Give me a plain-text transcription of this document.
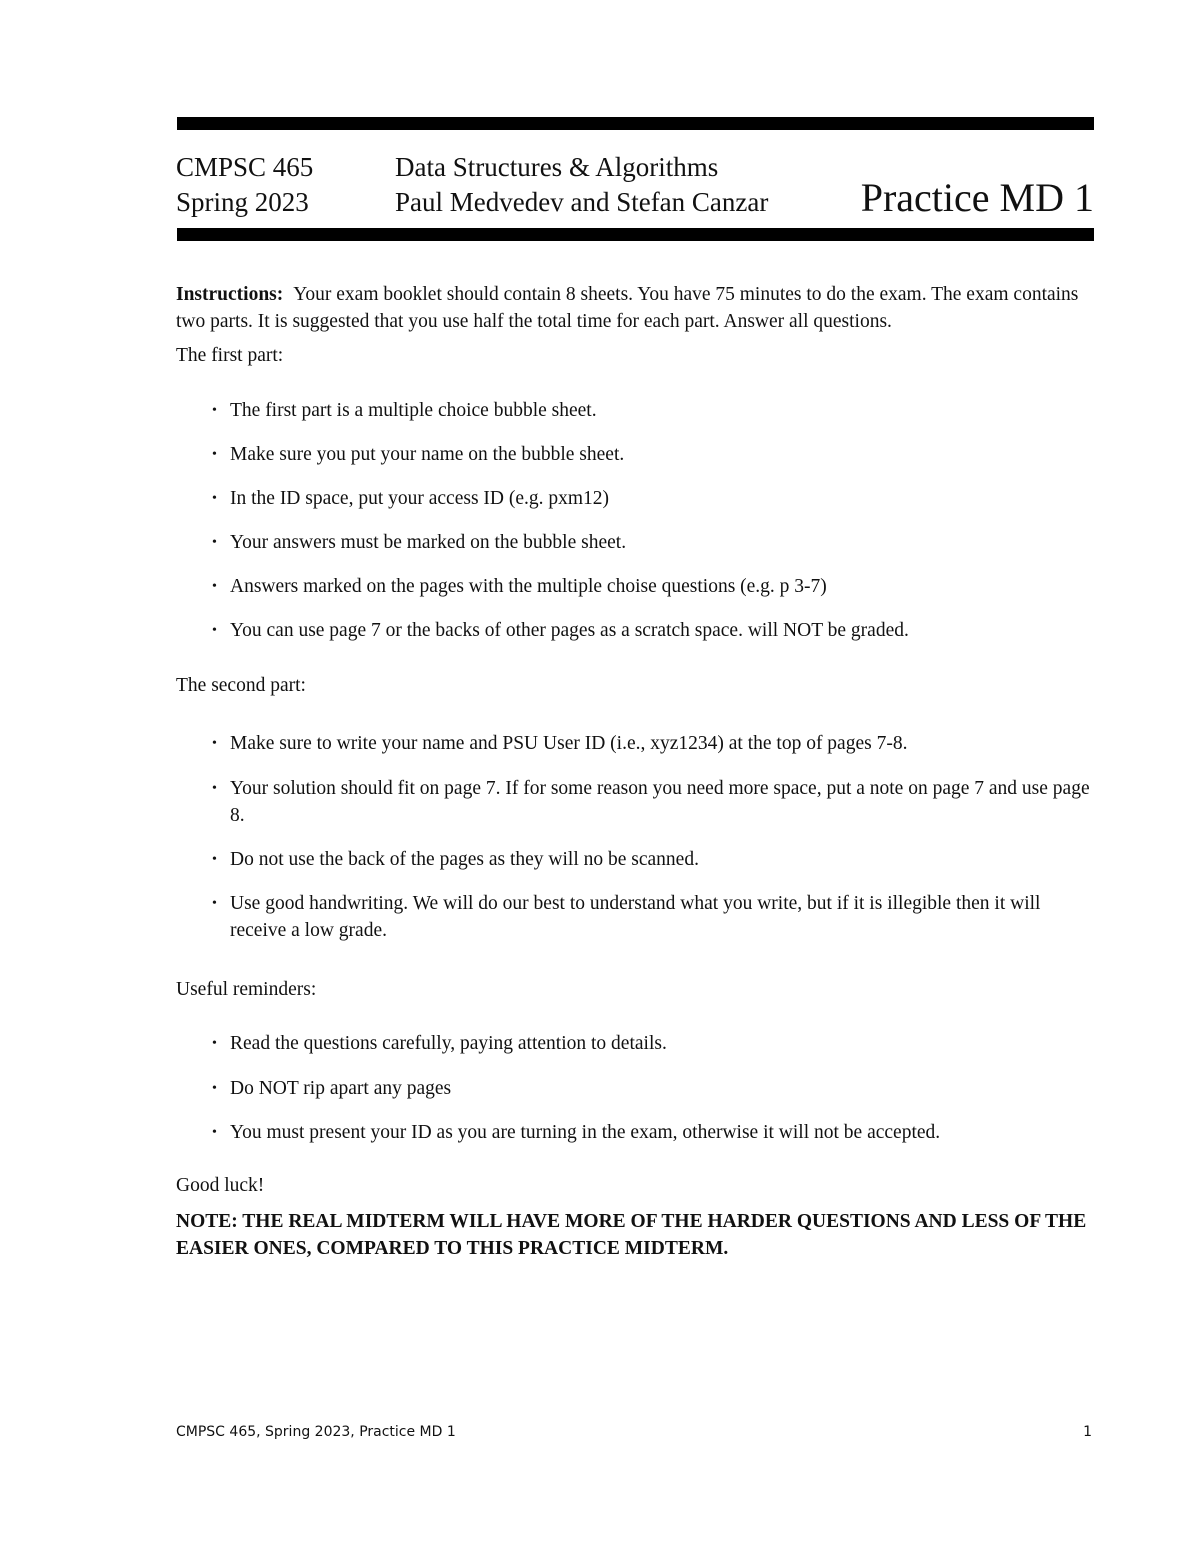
CMPSC 465
Spring 2023
Data Structures & Algorithms
Paul Medvedev and Stefan Canzar Practice MD 1
Instructions: Your exam booklet should contain 8 sheets. You have 75 minutes to do the exam. The exam contains two parts. It is suggested that you use half the total time for each part. Answer all questions.
The first part:
• The first part is a multiple choice bubble sheet.
• Make sure you put your name on the bubble sheet.
• In the ID space, put your access ID (e.g. pxm12)
• Your answers must be marked on the bubble sheet.
• Answers marked on the pages with the multiple choise questions (e.g. p 3-7)
• You can use page 7 or the backs of other pages as a scratch space. will NOT be graded.
The second part:
• Make sure to write your name and PSU User ID (i.e., xyz1234) at the top of pages 7-8.
• Your solution should fit on page 7. If for some reason you need more space, put a note on page 7 and use page 8.
• Do not use the back of the pages as they will no be scanned.
• Use good handwriting. We will do our best to understand what you write, but if it is illegible then it will receive a low grade.
Useful reminders:
• Read the questions carefully, paying attention to details.
• Do NOT rip apart any pages
• You must present your ID as you are turning in the exam, otherwise it will not be accepted.
Good luck!
NOTE: THE REAL MIDTERM WILL HAVE MORE OF THE HARDER QUESTIONS AND LESS OF THE EASIER ONES, COMPARED TO THIS PRACTICE MIDTERM.
CMPSC 465, Spring 2023, Practice MD 1	1
